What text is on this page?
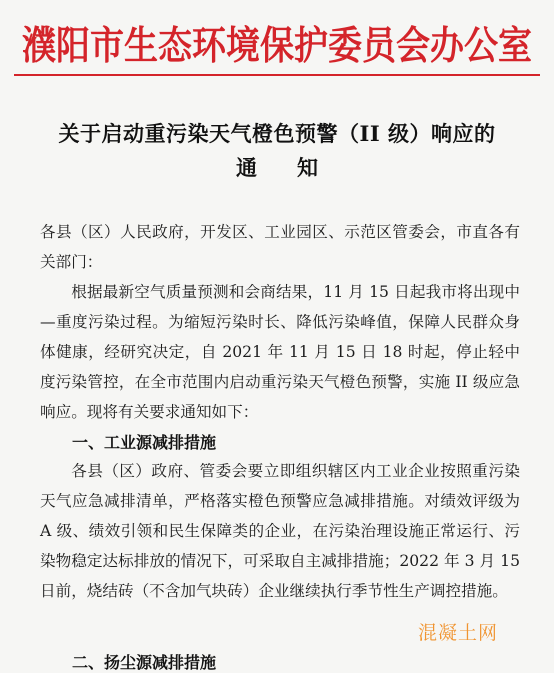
濮阳市生态环境保护委员会办公室
关于启动重污染天气橙色预警（II 级）响应的
通知
各县（区）人民政府，开发区、工业园区、示范区管委会，市直各有关部门：
根据最新空气质量预测和会商结果，11 月 15 日起我市将出现中—重度污染过程。为缩短污染时长、降低污染峰值，保障人民群众身体健康，经研究决定，自 2021 年 11 月 15 日 18 时起，停止轻中度污染管控，在全市范围内启动重污染天气橙色预警，实施 II 级应急响应。现将有关要求通知如下：
一、工业源减排措施
各县（区）政府、管委会要立即组织辖区内工业企业按照重污染天气应急减排清单，严格落实橙色预警应急减排措施。对绩效评级为 A 级、绩效引领和民生保障类的企业，在污染治理设施正常运行、污染物稳定达标排放的情况下，可采取自主减排措施；2022 年 3 月 15 日前，烧结砖（不含加气块砖）企业继续执行季节性生产调控措施。
二、扬尘源减排措施
混凝土网
